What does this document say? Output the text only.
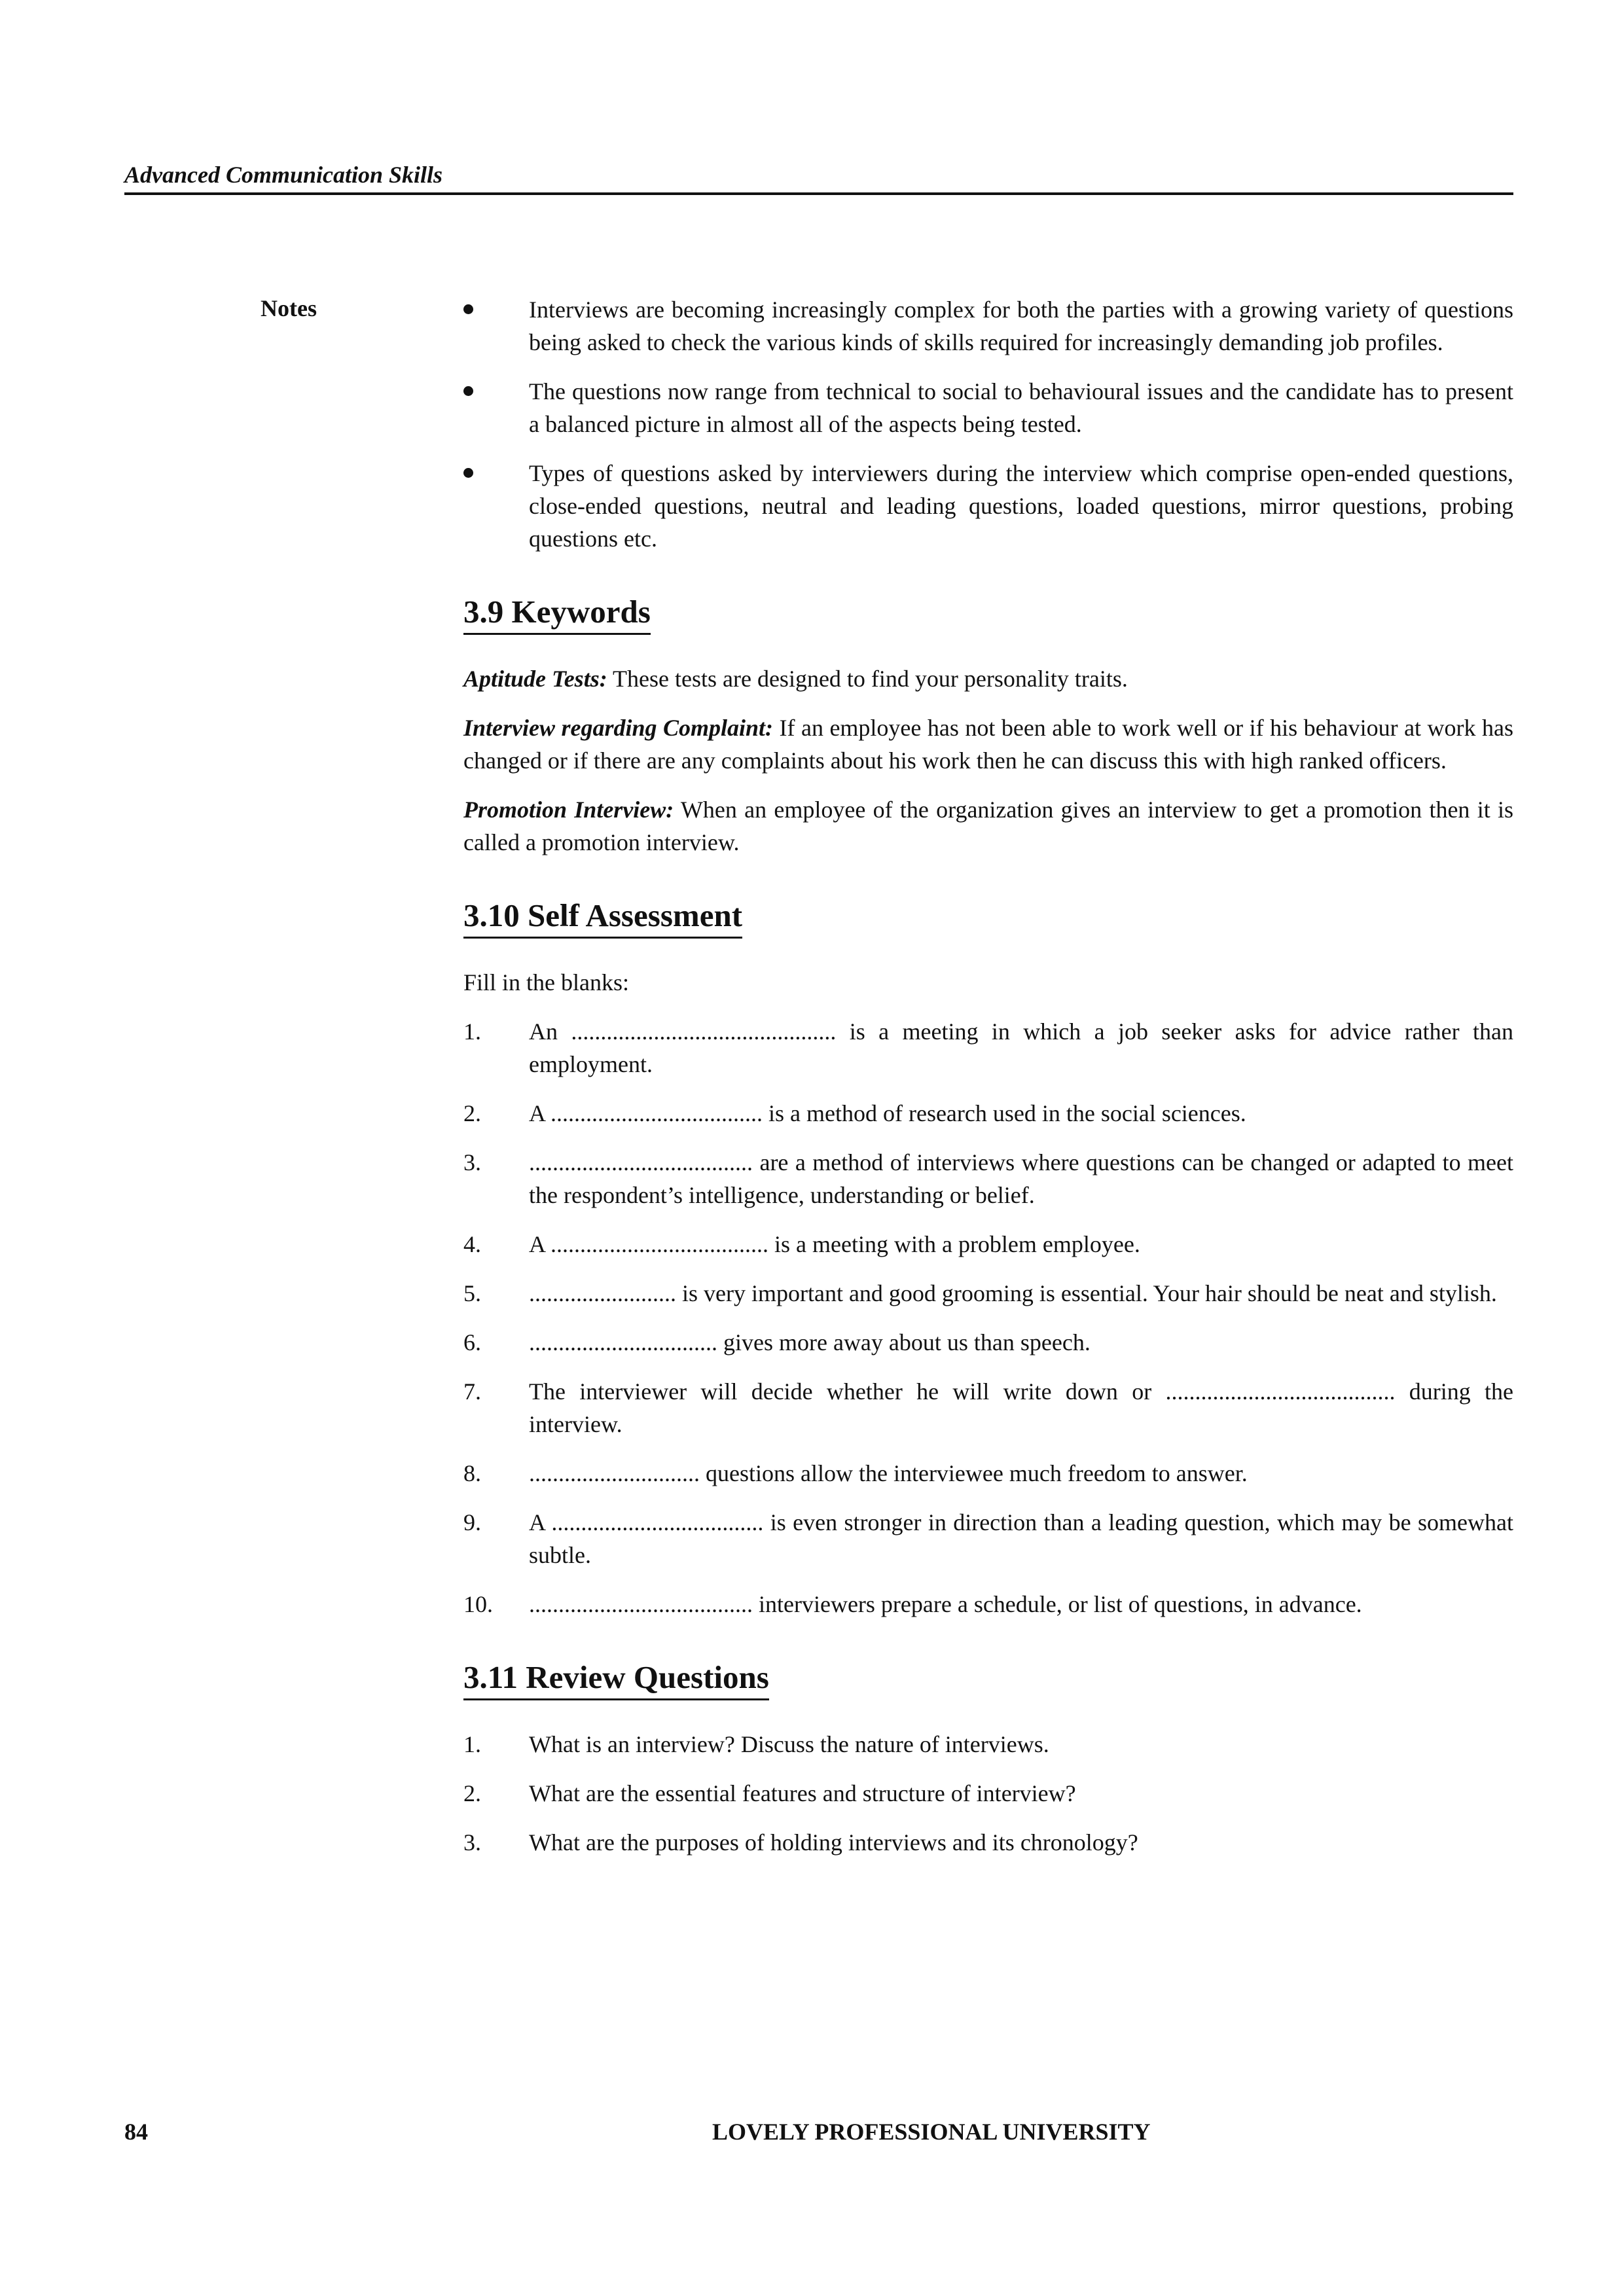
Advanced Communication Skills
Notes	Interviews are becoming increasingly complex for both the parties with a growing variety of questions being asked to check the various kinds of skills required for increasingly demanding job profiles.
The questions now range from technical to social to behavioural issues and the candidate has to present a balanced picture in almost all of the aspects being tested.
Types of questions asked by interviewers during the interview which comprise open-ended questions, close-ended questions, neutral and leading questions, loaded questions, mirror questions, probing questions etc.
3.9 Keywords

Aptitude Tests: These tests are designed to find your personality traits.

Interview regarding Complaint: If an employee has not been able to work well or if his behaviour at work has changed or if there are any complaints about his work then he can discuss this with high ranked officers.

Promotion Interview: When an employee of the organization gives an interview to get a promotion then it is called a promotion interview.

3.10 Self Assessment

Fill in the blanks:

1. An ............................................. is a meeting in which a job seeker asks for advice rather than employment.
2. A .................................... is a method of research used in the social sciences.
3. ...................................... are a method of interviews where questions can be changed or adapted to meet the respondent’s intelligence, understanding or belief.
4. A ..................................... is a meeting with a problem employee.
5. ......................... is very important and good grooming is essential. Your hair should be neat and stylish.
6. ................................ gives more away about us than speech.
7. The interviewer will decide whether he will write down or ....................................... during the interview.
8. ............................. questions allow the interviewee much freedom to answer.
9. A .................................... is even stronger in direction than a leading question, which may be somewhat subtle.
10. ...................................... interviewers prepare a schedule, or list of questions, in advance.
3.11 Review Questions
1. What is an interview? Discuss the nature of interviews.
2. What are the essential features and structure of interview?
3. What are the purposes of holding interviews and its chronology?
84	LOVELY PROFESSIONAL UNIVERSITY
